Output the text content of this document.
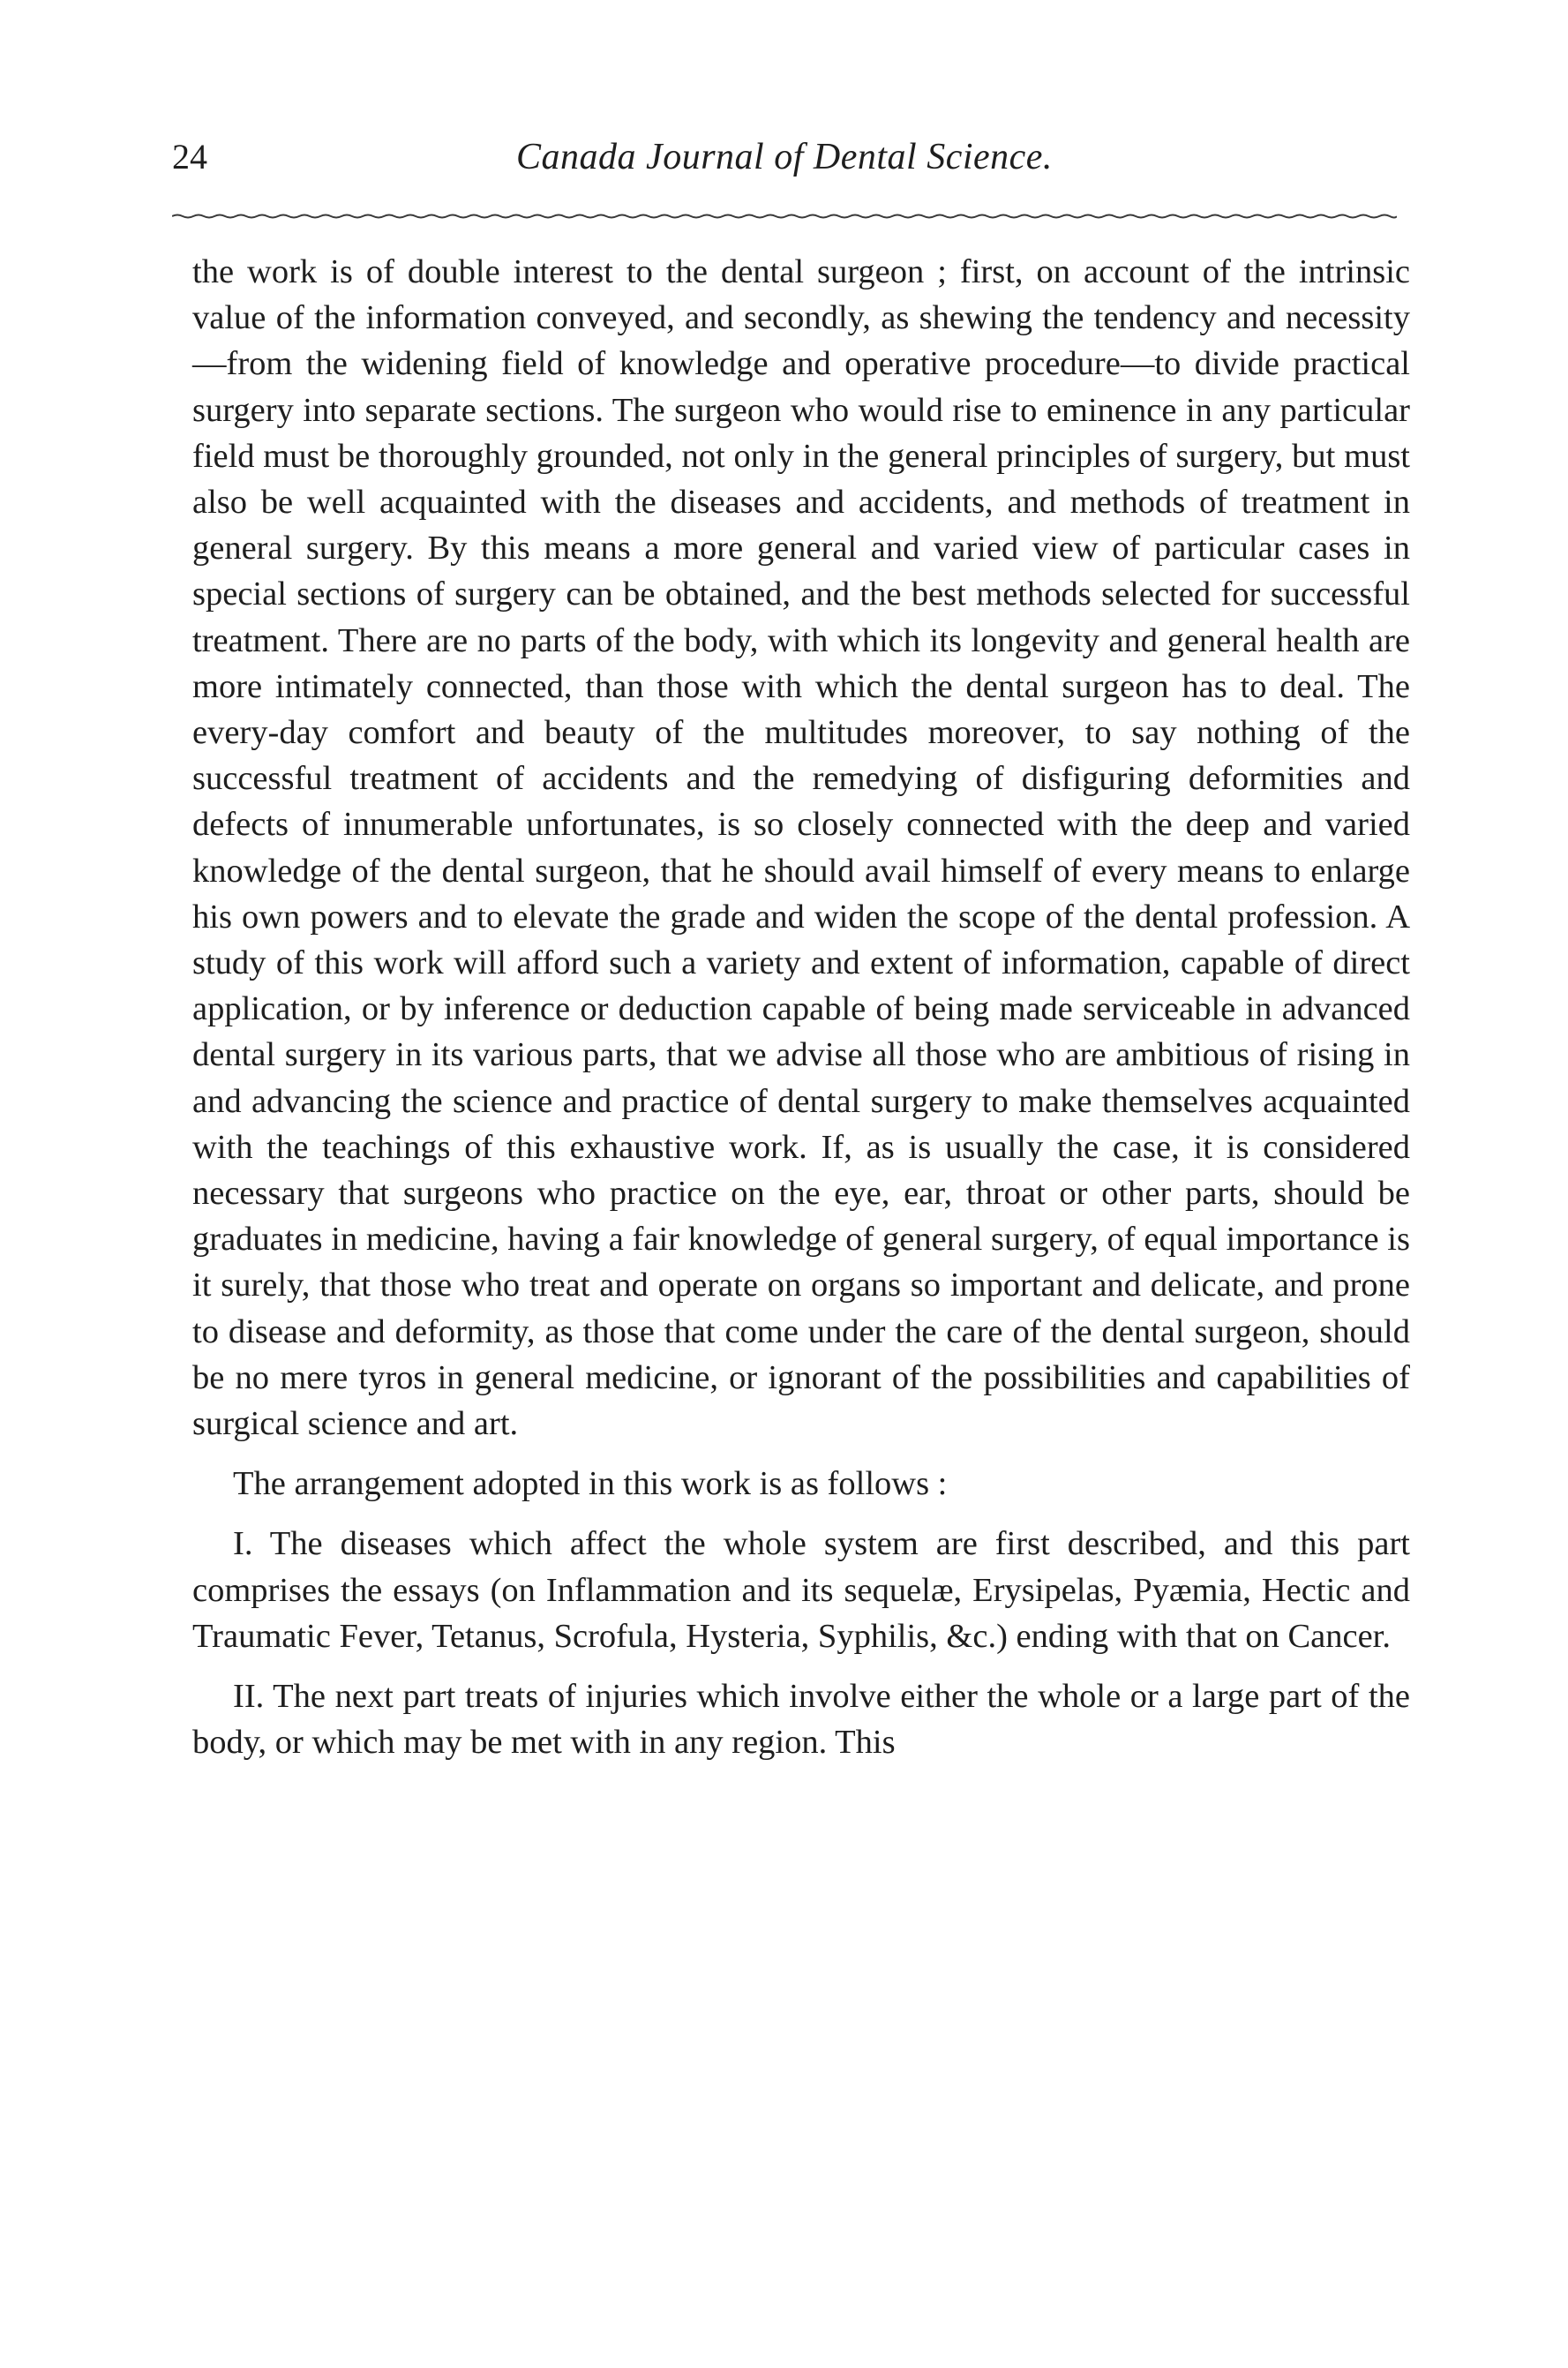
24	Canada Journal of Dental Science.

the work is of double interest to the dental surgeon ; first, on account of the intrinsic value of the information conveyed, and secondly, as shewing the tendency and necessity—from the widening field of knowledge and operative procedure—to divide practical surgery into separate sections. The surgeon who would rise to eminence in any particular field must be thoroughly grounded, not only in the general principles of surgery, but must also be well acquainted with the diseases and accidents, and methods of treatment in general surgery. By this means a more general and varied view of particular cases in special sections of surgery can be obtained, and the best methods selected for successful treatment. There are no parts of the body, with which its longevity and general health are more intimately connected, than those with which the dental surgeon has to deal. The every-day comfort and beauty of the multitudes moreover, to say nothing of the successful treatment of accidents and the remedying of disfiguring deformities and defects of innumerable unfortunates, is so closely connected with the deep and varied knowledge of the dental surgeon, that he should avail himself of every means to enlarge his own powers and to elevate the grade and widen the scope of the dental profession. A study of this work will afford such a variety and extent of information, capable of direct application, or by inference or deduction capable of being made serviceable in advanced dental surgery in its various parts, that we advise all those who are ambitious of rising in and advancing the science and practice of dental surgery to make themselves acquainted with the teachings of this exhaustive work. If, as is usually the case, it is considered necessary that surgeons who practice on the eye, ear, throat or other parts, should be graduates in medicine, having a fair knowledge of general surgery, of equal importance is it surely, that those who treat and operate on organs so important and delicate, and prone to disease and deformity, as those that come under the care of the dental surgeon, should be no mere tyros in general medicine, or ignorant of the possibilities and capabilities of surgical science and art.

The arrangement adopted in this work is as follows :

I. The diseases which affect the whole system are first described, and this part comprises the essays (on Inflammation and its sequelæ, Erysipelas, Pyæmia, Hectic and Traumatic Fever, Tetanus, Scrofula, Hysteria, Syphilis, &c.) ending with that on Cancer.

II. The next part treats of injuries which involve either the whole or a large part of the body, or which may be met with in any region. This
